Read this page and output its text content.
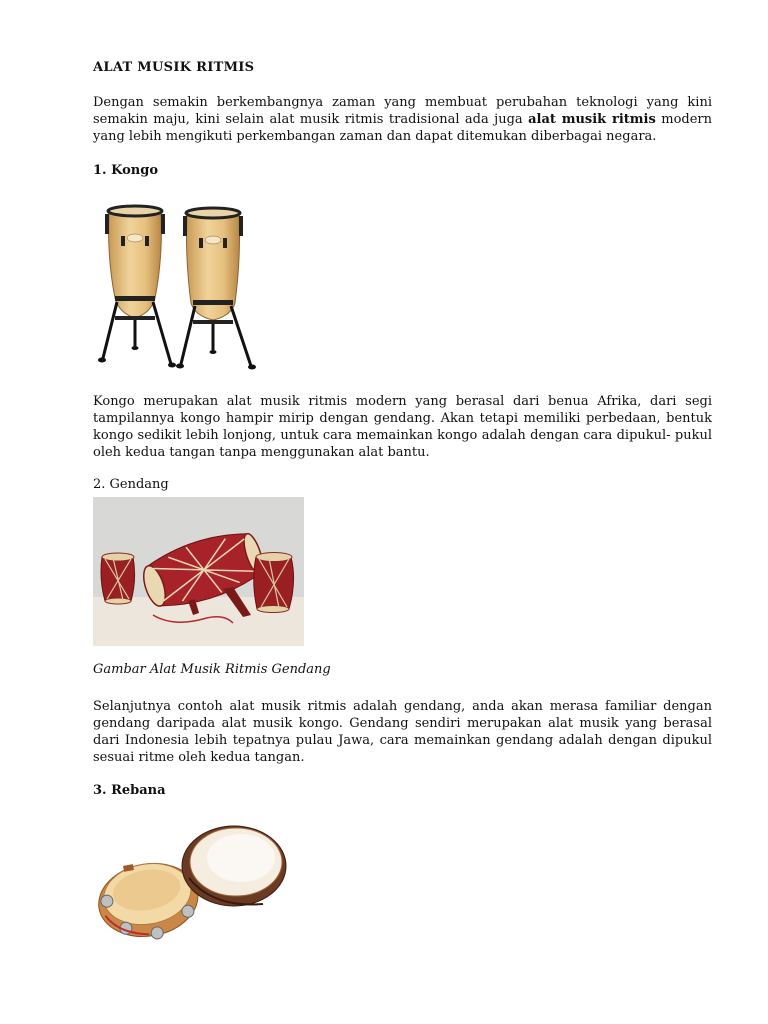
ALAT MUSIK RITMIS

Dengan semakin berkembangnya zaman yang membuat perubahan teknologi yang kini semakin maju, kini selain alat musik ritmis tradisional ada juga alat musik ritmis modern yang lebih mengikuti perkembangan zaman dan dapat ditemukan diberbagai negara.

1. Kongo

Kongo merupakan alat musik ritmis modern yang berasal dari benua Afrika, dari segi tampilannya kongo hampir mirip dengan gendang. Akan tetapi memiliki perbedaan, bentuk kongo sedikit lebih lonjong, untuk cara memainkan kongo adalah dengan cara dipukul- pukul oleh kedua tangan tanpa menggunakan alat bantu.

2. Gendang

Gambar Alat Musik Ritmis Gendang

Selanjutnya contoh alat musik ritmis adalah gendang, anda akan merasa familiar dengan gendang daripada alat musik kongo. Gendang sendiri merupakan alat musik yang berasal dari Indonesia lebih tepatnya pulau Jawa, cara memainkan gendang adalah dengan dipukul sesuai ritme oleh kedua tangan.

3. Rebana
